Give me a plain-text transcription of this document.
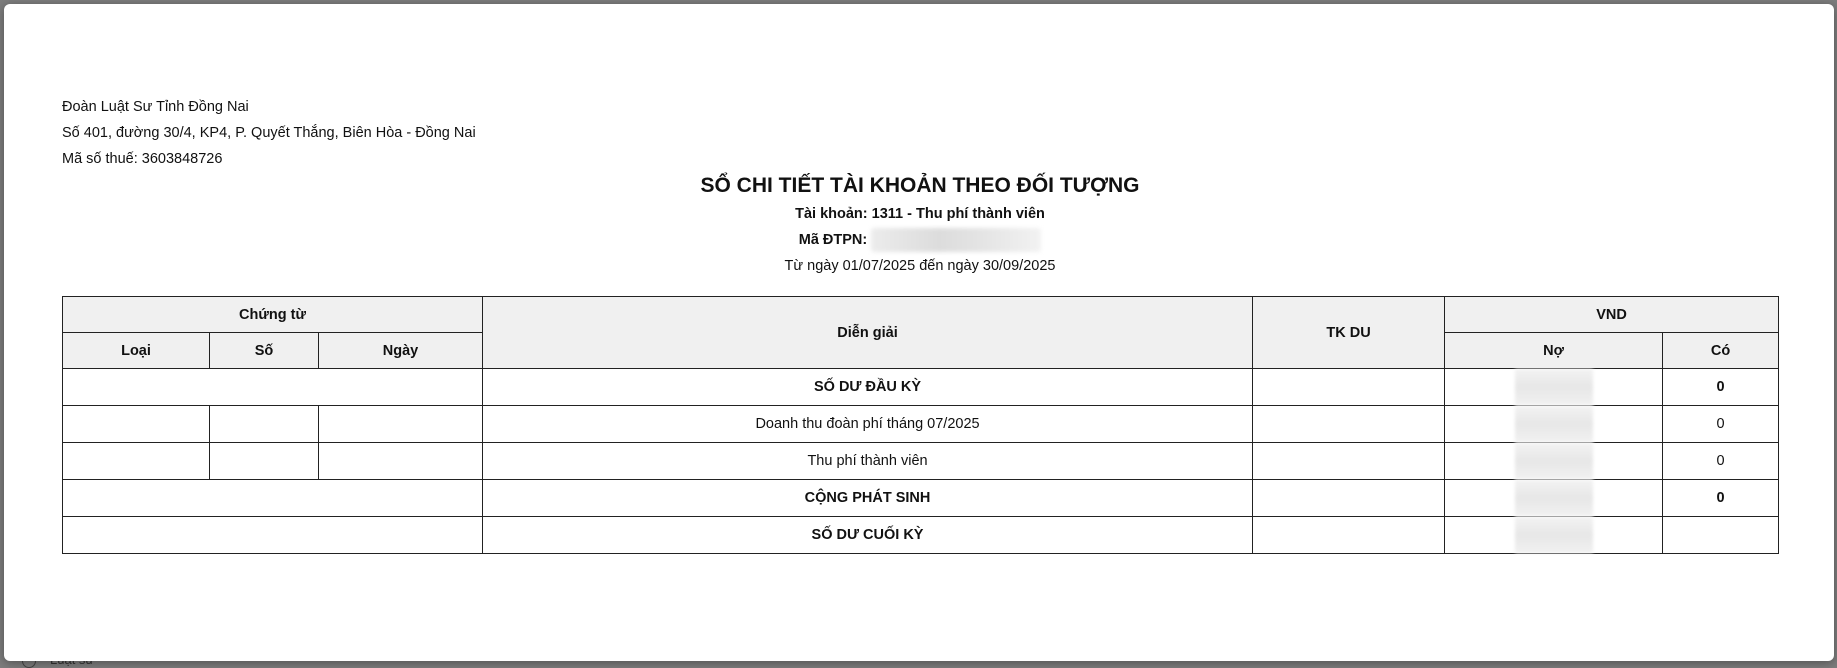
Đoàn Luật Sư Tỉnh Đồng Nai
Số 401, đường 30/4, KP4, P. Quyết Thắng, Biên Hòa - Đồng Nai
Mã số thuế: 3603848726
SỔ CHI TIẾT TÀI KHOẢN THEO ĐỐI TƯỢNG
Tài khoản: 1311 - Thu phí thành viên
Mã ĐTPN:
Từ ngày 01/07/2025 đến ngày 30/09/2025
Chứng từ			Diễn giải	TK DU	VND	
Loại	Số	Ngày			Nợ	Có
			SỐ DƯ ĐẦU KỲ			0
			Doanh thu đoàn phí tháng 07/2025			0
			Thu phí thành viên			0
			CỘNG PHÁT SINH			0
			SỐ DƯ CUỐI KỲ			
